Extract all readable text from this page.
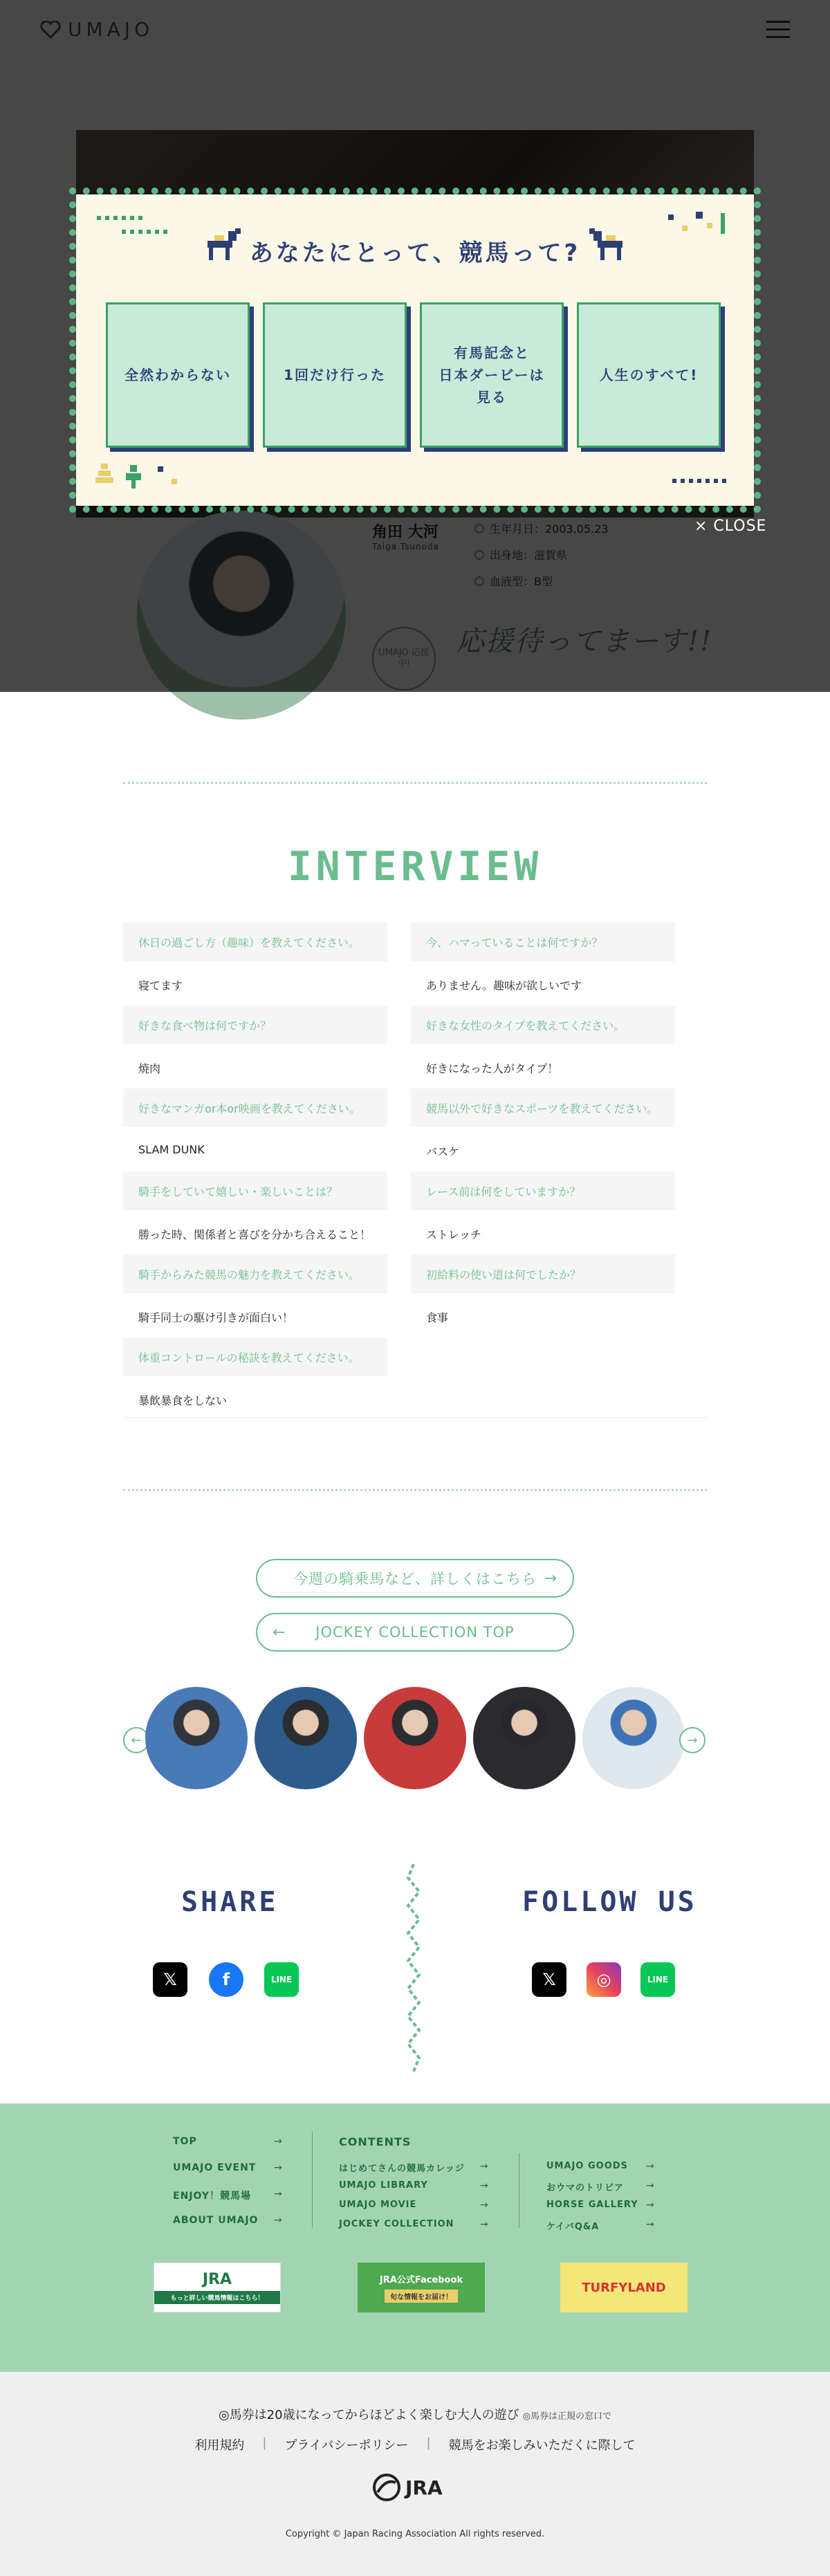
あなたにとって、競馬って?
全然わからない	1回だけ行った
有馬記念と
日本ダービーは
見る
人生のすべて!
× CLOSE
INTERVIEW
休日の過ごし方（趣味）を教えてください。
寝てます
好きな食べ物は何ですか？
焼肉
好きなマンガor本or映画を教えてください。
SLAM DUNK
騎手をしていて嬉しい・楽しいことは？
勝った時、関係者と喜びを分かち合えること！
騎手からみた競馬の魅力を教えてください。
騎手同士の駆け引きが面白い！
体重コントロールの秘訣を教えてください。
暴飲暴食をしない
今、ハマっていることは何ですか？
ありません。趣味が欲しいです
好きな女性のタイプを教えてください。
好きになった人がタイプ！
競馬以外で好きなスポーツを教えてください。
バスケ
レース前は何をしていますか？
ストレッチ
初給料の使い道は何でしたか？
食事
今週の騎乗馬など、詳しくはこちら →
← JOCKEY COLLECTION TOP
←	→
SHARE	FOLLOW US
𝕏	f	LINE	𝕏	◎	LINE
TOP
UMAJO EVENT
ENJOY！競馬場
ABOUT UMAJO
→
→
→
→
CONTENTS
はじめてさんの競馬カレッジ
UMAJO LIBRARY
UMAJO MOVIE
JOCKEY COLLECTION
→
→
→
→
UMAJO GOODS
おウマのトリビア
HORSE GALLERY
ケイバQ&A
→
→
→
→
JRA
もっと詳しい競馬情報はこちら！
JRA公式Facebook
旬な情報をお届け！
TURFYLAND
◎馬券は20歳になってからほどよく楽しむ大人の遊び ◎馬券は正規の窓口で
利用規約 | プライバシーポリシー | 競馬をお楽しみいただくに際して
JRA
Copyright © Japan Racing Association All rights reserved.
